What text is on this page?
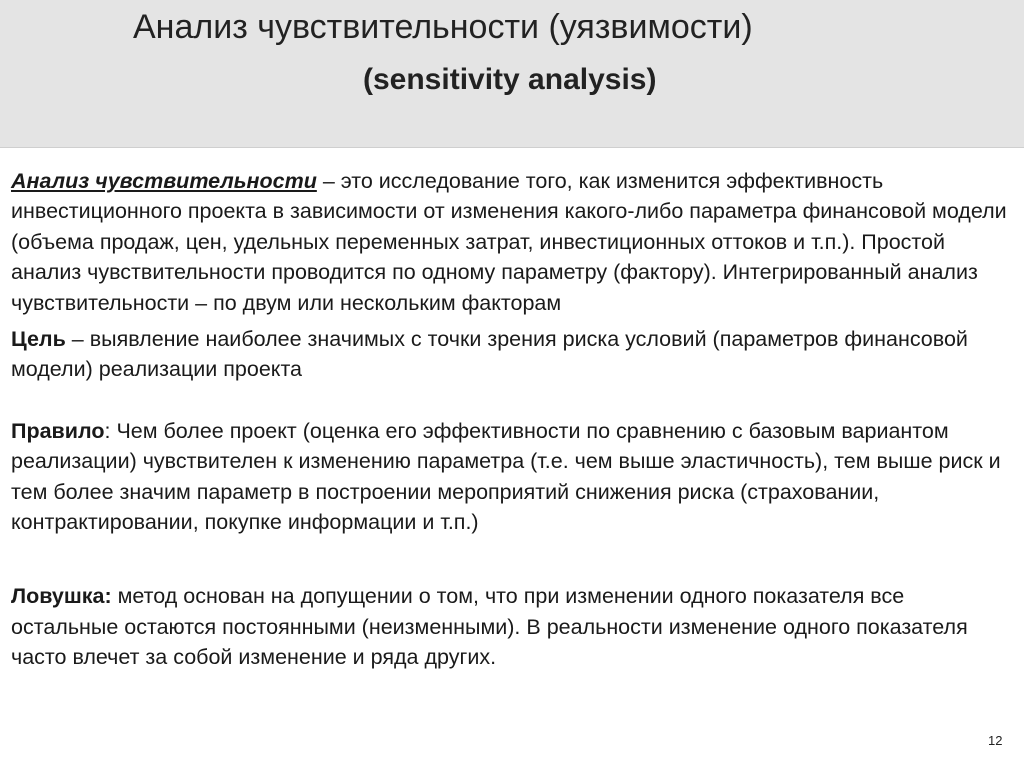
Анализ чувствительности (уязвимости)
(sensitivity analysis)

Анализ чувствительности – это исследование того, как изменится эффективность инвестиционного проекта в зависимости от изменения какого-либо параметра финансовой модели (объема продаж, цен, удельных переменных затрат, инвестиционных оттоков и т.п.). Простой анализ чувствительности проводится по одному параметру (фактору). Интегрированный анализ чувствительности – по двум или нескольким факторам

Цель – выявление наиболее значимых с точки зрения риска условий (параметров финансовой модели) реализации проекта

Правило: Чем более проект (оценка его эффективности по сравнению с базовым вариантом реализации) чувствителен к изменению параметра (т.е. чем выше эластичность), тем выше риск и тем более значим параметр в построении мероприятий снижения риска (страховании, контрактировании, покупке информации и т.п.)

Ловушка: метод основан на допущении о том, что при изменении одного показателя все остальные остаются постоянными (неизменными). В реальности изменение одного показателя часто влечет за собой изменение и ряда других.

12
